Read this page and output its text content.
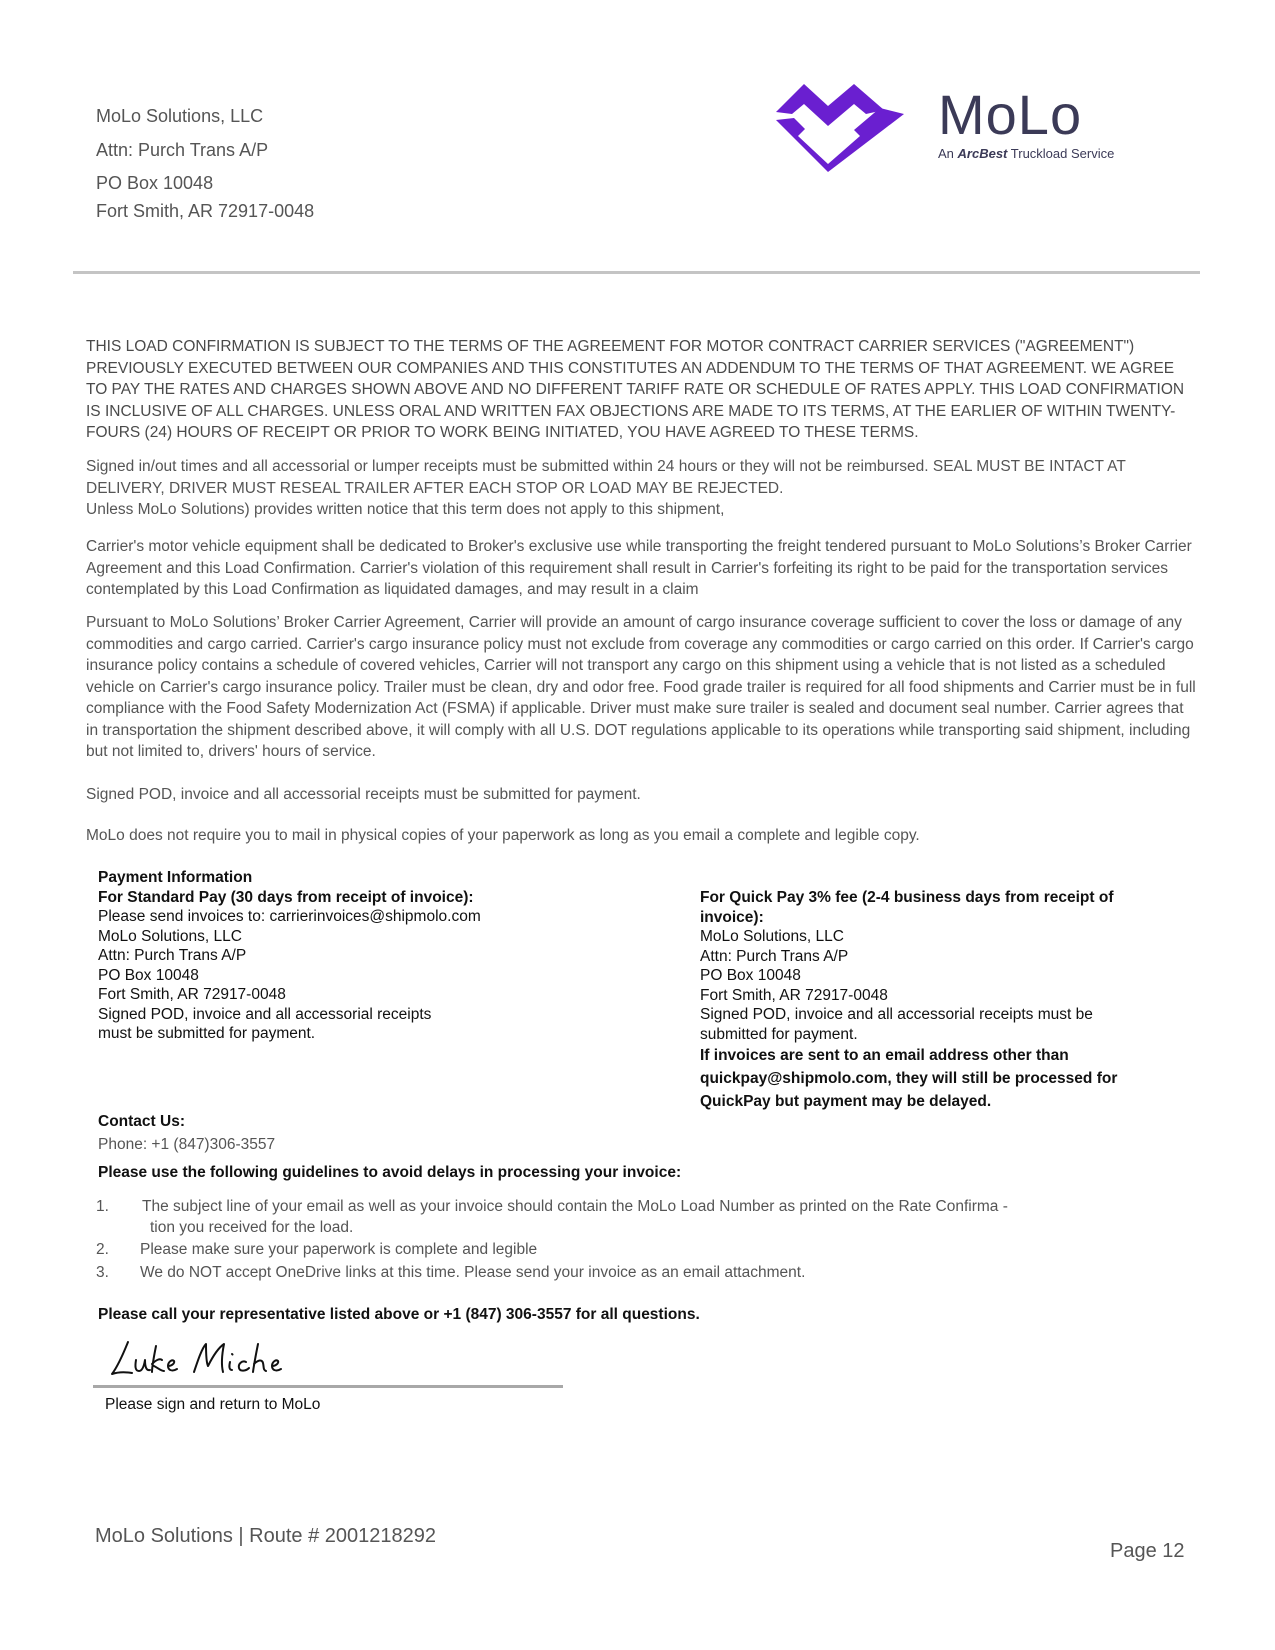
MoLo Solutions, LLC
Attn: Purch Trans A/P
PO Box 10048
Fort Smith, AR 72917-0048
MoLo
An ArcBest Truckload Service
THIS LOAD CONFIRMATION IS SUBJECT TO THE TERMS OF THE AGREEMENT FOR MOTOR CONTRACT CARRIER SERVICES ("AGREEMENT") PREVIOUSLY EXECUTED BETWEEN OUR COMPANIES AND THIS CONSTITUTES AN ADDENDUM TO THE TERMS OF THAT AGREEMENT. WE AGREE TO PAY THE RATES AND CHARGES SHOWN ABOVE AND NO DIFFERENT TARIFF RATE OR SCHEDULE OF RATES APPLY. THIS LOAD CONFIRMATION IS INCLUSIVE OF ALL CHARGES. UNLESS ORAL AND WRITTEN FAX OBJECTIONS ARE MADE TO ITS TERMS, AT THE EARLIER OF WITHIN TWENTY-FOURS (24) HOURS OF RECEIPT OR PRIOR TO WORK BEING INITIATED, YOU HAVE AGREED TO THESE TERMS.
Signed in/out times and all accessorial or lumper receipts must be submitted within 24 hours or they will not be reimbursed. SEAL MUST BE INTACT AT DELIVERY, DRIVER MUST RESEAL TRAILER AFTER EACH STOP OR LOAD MAY BE REJECTED.
Unless MoLo Solutions) provides written notice that this term does not apply to this shipment,
Carrier's motor vehicle equipment shall be dedicated to Broker's exclusive use while transporting the freight tendered pursuant to MoLo Solutions’s Broker Carrier Agreement and this Load Confirmation. Carrier's violation of this requirement shall result in Carrier's forfeiting its right to be paid for the transportation services contemplated by this Load Confirmation as liquidated damages, and may result in a claim
Pursuant to MoLo Solutions’ Broker Carrier Agreement, Carrier will provide an amount of cargo insurance coverage sufficient to cover the loss or damage of any commodities and cargo carried. Carrier's cargo insurance policy must not exclude from coverage any commodities or cargo carried on this order. If Carrier's cargo insurance policy contains a schedule of covered vehicles, Carrier will not transport any cargo on this shipment using a vehicle that is not listed as a scheduled vehicle on Carrier's cargo insurance policy. Trailer must be clean, dry and odor free. Food grade trailer is required for all food shipments and Carrier must be in full compliance with the Food Safety Modernization Act (FSMA) if applicable. Driver must make sure trailer is sealed and document seal number. Carrier agrees that in transportation the shipment described above, it will comply with all U.S. DOT regulations applicable to its operations while transporting said shipment, including but not limited to, drivers' hours of service.
Signed POD, invoice and all accessorial receipts must be submitted for payment.
MoLo does not require you to mail in physical copies of your paperwork as long as you email a complete and legible copy.
Payment Information
For Standard Pay (30 days from receipt of invoice):
Please send invoices to: carrierinvoices@shipmolo.com
MoLo Solutions, LLC
Attn: Purch Trans A/P
PO Box 10048
Fort Smith, AR 72917-0048
Signed POD, invoice and all accessorial receipts
must be submitted for payment.
For Quick Pay 3% fee (2-4 business days from receipt of
invoice):
MoLo Solutions, LLC
Attn: Purch Trans A/P
PO Box 10048
Fort Smith, AR 72917-0048
Signed POD, invoice and all accessorial receipts must be
submitted for payment.
If invoices are sent to an email address other than
quickpay@shipmolo.com, they will still be processed for
QuickPay but payment may be delayed.
Contact Us:
Phone: +1 (847)306-3557
Please use the following guidelines to avoid delays in processing your invoice:
1. The subject line of your email as well as your invoice should contain the MoLo Load Number as printed on the Rate Confirma -
tion you received for the load.
2. Please make sure your paperwork is complete and legible
3. We do NOT accept OneDrive links at this time. Please send your invoice as an email attachment.
Please call your representative listed above or +1 (847) 306-3557 for all questions.
Please sign and return to MoLo
MoLo Solutions | Route # 2001218292
Page 12
